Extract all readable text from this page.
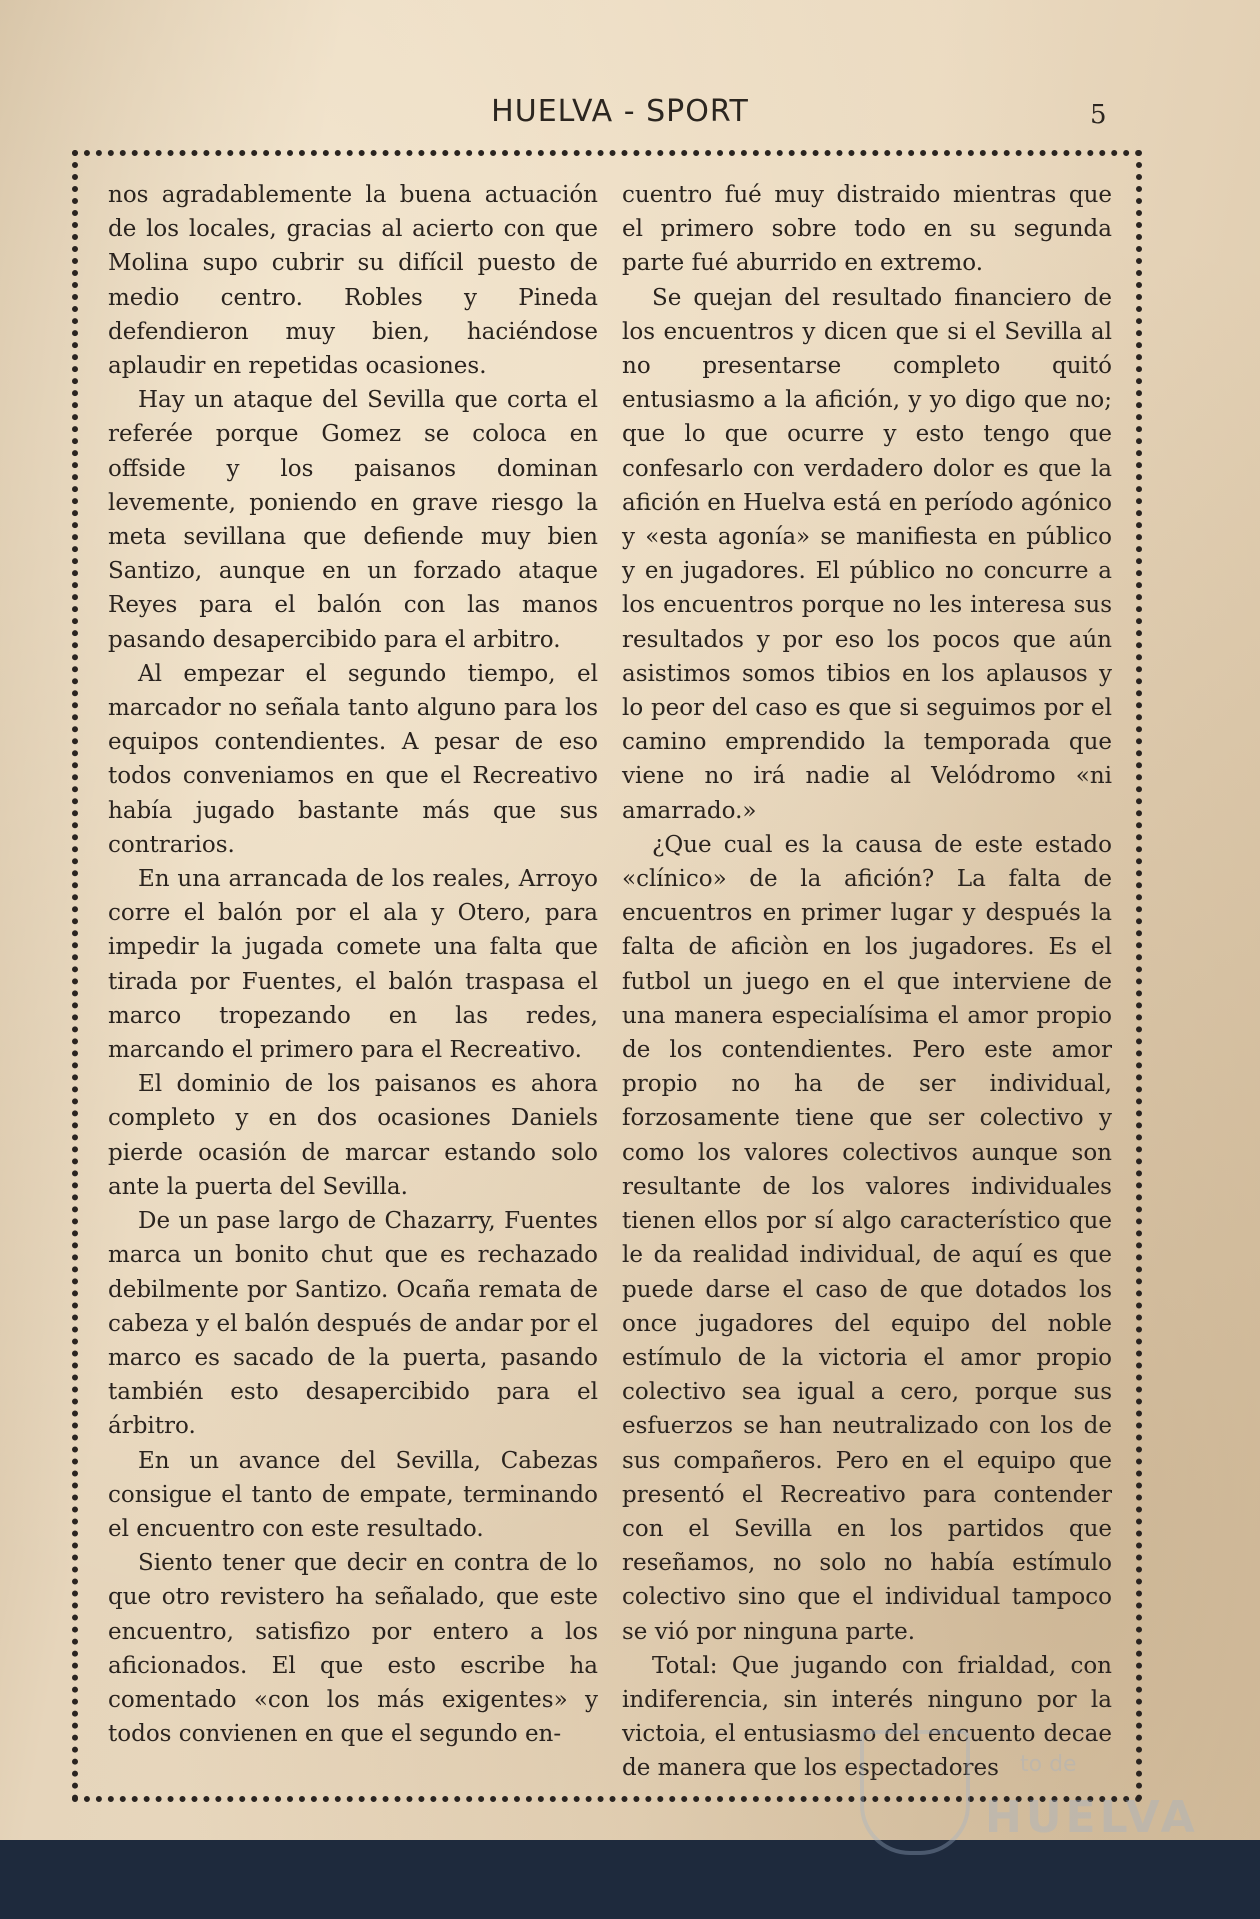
HUELVA - SPORT	5

nos agradablemente la buena actuación de los locales, gracias al acierto con que Molina supo cubrir su difícil puesto de medio centro. Robles y Pineda defendieron muy bien, haciéndose aplaudir en repetidas ocasiones.

Hay un ataque del Sevilla que corta el referée porque Gomez se coloca en offside y los paisanos dominan levemente, poniendo en grave riesgo la meta sevillana que defiende muy bien Santizo, aunque en un forzado ataque Reyes para el balón con las manos pasando desapercibido para el arbitro.

Al empezar el segundo tiempo, el marcador no señala tanto alguno para los equipos contendientes. A pesar de eso todos conveniamos en que el Recreativo había jugado bastante más que sus contrarios.

En una arrancada de los reales, Arroyo corre el balón por el ala y Otero, para impedir la jugada comete una falta que tirada por Fuentes, el balón traspasa el marco tropezando en las redes, marcando el primero para el Recreativo.

El dominio de los paisanos es ahora completo y en dos ocasiones Daniels pierde ocasión de marcar estando solo ante la puerta del Sevilla.

De un pase largo de Chazarry, Fuentes marca un bonito chut que es rechazado debilmente por Santizo. Ocaña remata de cabeza y el balón después de andar por el marco es sacado de la puerta, pasando también esto desapercibido para el árbitro.

En un avance del Sevilla, Cabezas consigue el tanto de empate, terminando el encuentro con este resultado.

Siento tener que decir en contra de lo que otro revistero ha señalado, que este encuentro, satisfizo por entero a los aficionados. El que esto escribe ha comentado «con los más exigentes» y todos convienen en que el segundo en-

cuentro fué muy distraido mientras que el primero sobre todo en su segunda parte fué aburrido en extremo.

Se quejan del resultado financiero de los encuentros y dicen que si el Sevilla al no presentarse completo quitó entusiasmo a la afición, y yo digo que no; que lo que ocurre y esto tengo que confesarlo con verdadero dolor es que la afición en Huelva está en período agónico y «esta agonía» se manifiesta en público y en jugadores. El público no concurre a los encuentros porque no les interesa sus resultados y por eso los pocos que aún asistimos somos tibios en los aplausos y lo peor del caso es que si seguimos por el camino emprendido la temporada que viene no irá nadie al Velódromo «ni amarrado.»

¿Que cual es la causa de este estado «clínico» de la afición? La falta de encuentros en primer lugar y después la falta de aficiòn en los jugadores. Es el futbol un juego en el que interviene de una manera especialísima el amor propio de los contendientes. Pero este amor propio no ha de ser individual, forzosamente tiene que ser colectivo y como los valores colectivos aunque son resultante de los valores individuales tienen ellos por sí algo característico que le da realidad individual, de aquí es que puede darse el caso de que dotados los once jugadores del equipo del noble estímulo de la victoria el amor propio colectivo sea igual a cero, porque sus esfuerzos se han neutralizado con los de sus compañeros. Pero en el equipo que presentó el Recreativo para contender con el Sevilla en los partidos que reseñamos, no solo no había estímulo colectivo sino que el individual tampoco se vió por ninguna parte.

Total: Que jugando con frialdad, con indiferencia, sin interés ninguno por la victoia, el entusiasmo del encuento decae de manera que los espectadores to de
HUELVA
